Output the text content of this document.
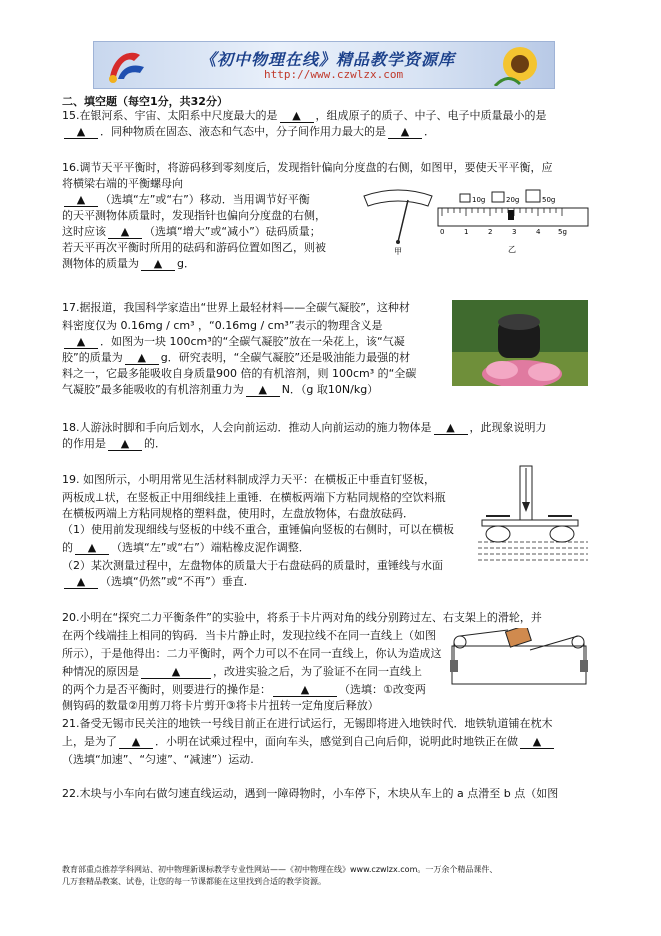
《初中物理在线》精品教学资源库
http://www.czwlzx.com
二、填空题（每空1分，共32分）
15.在银河系、宇宙、太阳系中尺度最大的是 ▲ ，组成原子的质子、中子、电子中质量最小的是
▲ ．同种物质在固态、液态和气态中，分子间作用力最大的是 ▲ ．
16.调节天平平衡时，将游码移到零刻度后，发现指针偏向分度盘的右侧，如图甲，要使天平平衡，应
将横梁右端的平衡螺母向
▲ （选填“左”或“右”）移动．当用调节好平衡
的天平测物体质量时，发现指针也偏向分度盘的右侧，
这时应该 ▲ （选填“增大”或“减小”）砝码质量；
若天平再次平衡时所用的砝码和游码位置如图乙，则被
测物体的质量为 ▲ g．
甲
10g	20g	50g
0	1	2	3	4	5g
乙
17.据报道，我国科学家造出“世界上最轻材料——全碳气凝胶”，这种材
料密度仅为 0.16mg / cm³ ，“0.16mg / cm³”表示的物理含义是
▲ ．如图为一块 100cm³的“全碳气凝胶”放在一朵花上，该“气凝
胶”的质量为 ▲ g．研究表明，“全碳气凝胶”还是吸油能力最强的材
料之一，它最多能吸收自身质量900 倍的有机溶剂，则 100cm³ 的“全碳
气凝胶”最多能吸收的有机溶剂重力为 ▲ N．（g 取10N/kg）
18.人游泳时脚和手向后划水，人会向前运动．推动人向前运动的施力物体是 ▲ ，此现象说明力
的作用是 ▲ 的．
19. 如图所示，小明用常见生活材料制成浮力天平：在横板正中垂直钉竖板，
两板成⊥状，在竖板正中用细线挂上重锤．在横板两端下方粘同规格的空饮料瓶
在横板两端上方粘同规格的塑料盘，使用时，左盘放物体，右盘放砝码．
（1）使用前发现细线与竖板的中线不重合，重锤偏向竖板的右侧时，可以在横板
的 ▲ （选填“左”或“右”）端粘橡皮泥作调整．
（2）某次测量过程中，左盘物体的质量大于右盘砝码的质量时，重锤线与水面
▲ （选填“仍然”或“不再”）垂直.
20.小明在“探究二力平衡条件”的实验中，将系于卡片两对角的线分别跨过左、右支架上的滑轮，并
在两个线端挂上相同的钩码．当卡片静止时，发现拉线不在同一直线上（如图
所示），于是他得出：二力平衡时，两个力可以不在同一直线上，你认为造成这
种情况的原因是	▲	，改进实验之后，为了验证不在同一直线上
的两个力是否平衡时，则要进行的操作是：	▲	（选填：①改变两
侧钩码的数量②用剪刀将卡片剪开③将卡片扭转一定角度后释放）
21.备受无锡市民关注的地铁一号线目前正在进行试运行，无锡即将进入地铁时代．地铁轨道铺在枕木
上，是为了 ▲ ．小明在试乘过程中，面向车头，感觉到自己向后仰，说明此时地铁正在做 ▲
（选填“加速”、“匀速”、“减速”）运动.
22.木块与小车向右做匀速直线运动，遇到一障碍物时，小车停下，木块从车上的 a 点滑至 b 点（如图
教育部重点推荐学科网站、初中物理新课标教学专业性网站——《初中物理在线》www.czwlzx.com。一万余个精品课件、
几万套精品教案、试卷，让您的每一节课都能在这里找到合适的教学资源。
